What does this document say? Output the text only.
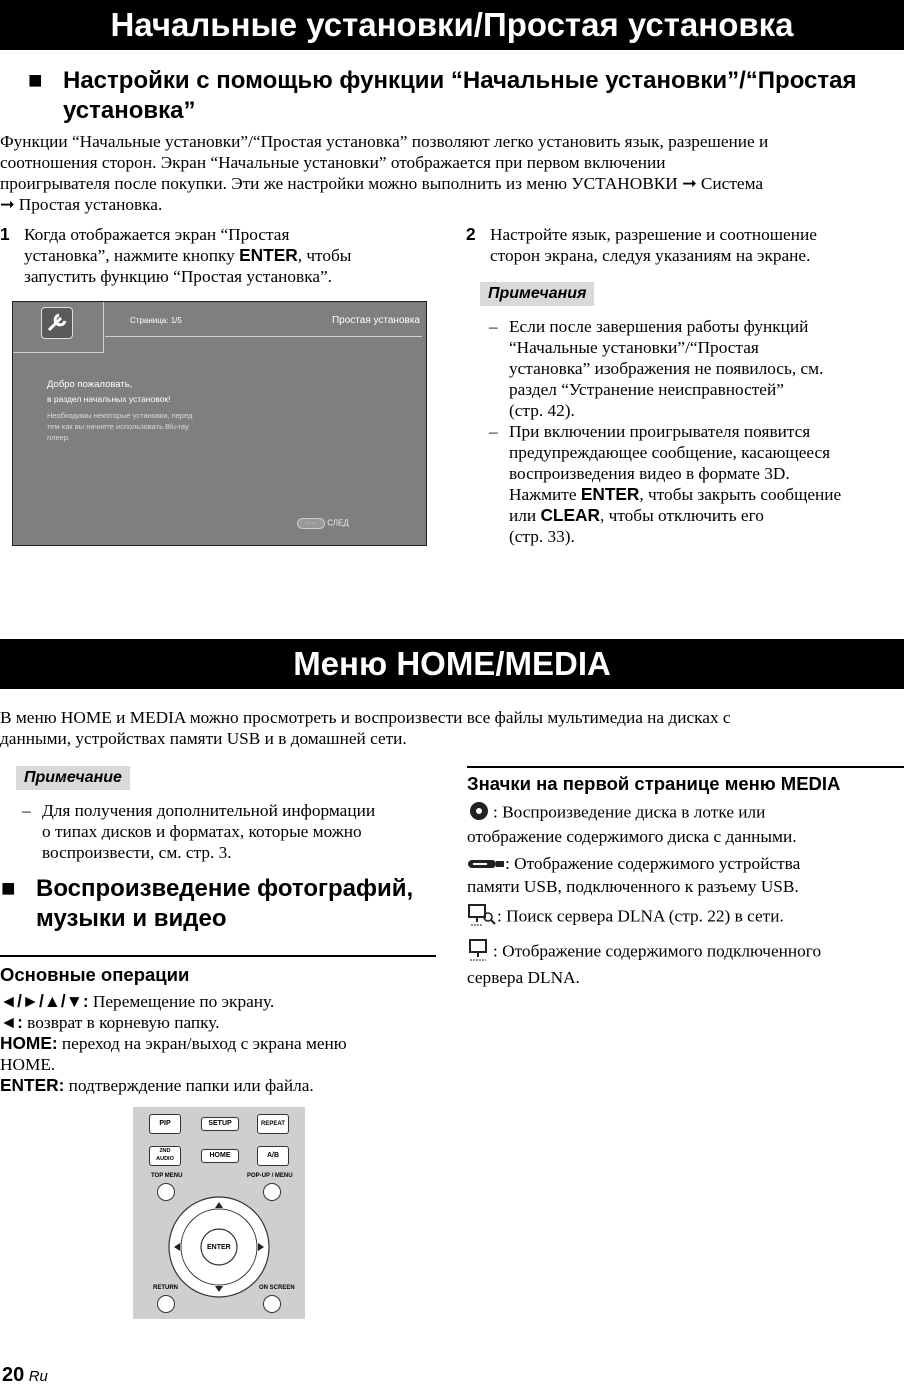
Начальные установки/Простая установка
■ Настройки с помощью функции “Начальные установки”/“Простая
установка”
Функции “Начальные установки”/“Простая установка” позволяют легко установить язык, разрешение и
соотношения сторон. Экран “Начальные установки” отображается при первом включении
проигрывателя после покупки. Эти же настройки можно выполнить из меню УСТАНОВКИ ➞ Система
➞ Простая установка.
1 Когда отображается экран “Простая
установка”, нажмите кнопку ENTER, чтобы
запустить функцию “Простая установка”.
Страница: 1/5	Простая установка
Добро пожаловать,
в раздел начальных установок!
Необходимы некоторые установки, перед
тем как вы начнете использовать Blu-ray
плеер.
ENTER	СЛЕД
2 Настройте язык, разрешение и соотношение
сторон экрана, следуя указаниям на экране.
Примечания
– Если после завершения работы функций
“Начальные установки”/“Простая
установка” изображения не появилось, см.
раздел “Устранение неисправностей”
(стр. 42).
– При включении проигрывателя появится
предупреждающее сообщение, касающееся
воспроизведения видео в формате 3D.
Нажмите ENTER, чтобы закрыть сообщение
или CLEAR, чтобы отключить его
(стр. 33).
Меню HOME/MEDIA
В меню HOME и MEDIA можно просмотреть и воспроизвести все файлы мультимедиа на дисках с
данными, устройствах памяти USB и в домашней сети.
Примечание
– Для получения дополнительной информации
о типах дисков и форматах, которые можно
воспроизвести, см. стр. 3.
■ Воспроизведение фотографий,
музыки и видео
Основные операции
◄/►/▲/▼: Перемещение по экрану.
◄: возврат в корневую папку.
HOME: переход на экран/выход с экрана меню
HOME.
ENTER: подтверждение папки или файла.
PIP	SETUP	REPEAT
2ND AUDIO	HOME	A/B
TOP MENU	POP-UP / MENU
ENTER
RETURN	ON SCREEN
Значки на первой странице меню MEDIA
: Воспроизведение диска в лотке или
отображение содержимого диска с данными.
: Отображение содержимого устройства
памяти USB, подключенного к разъему USB.
: Поиск сервера DLNA (стр. 22) в сети.
: Отображение содержимого подключенного
сервера DLNA.
20 Ru
